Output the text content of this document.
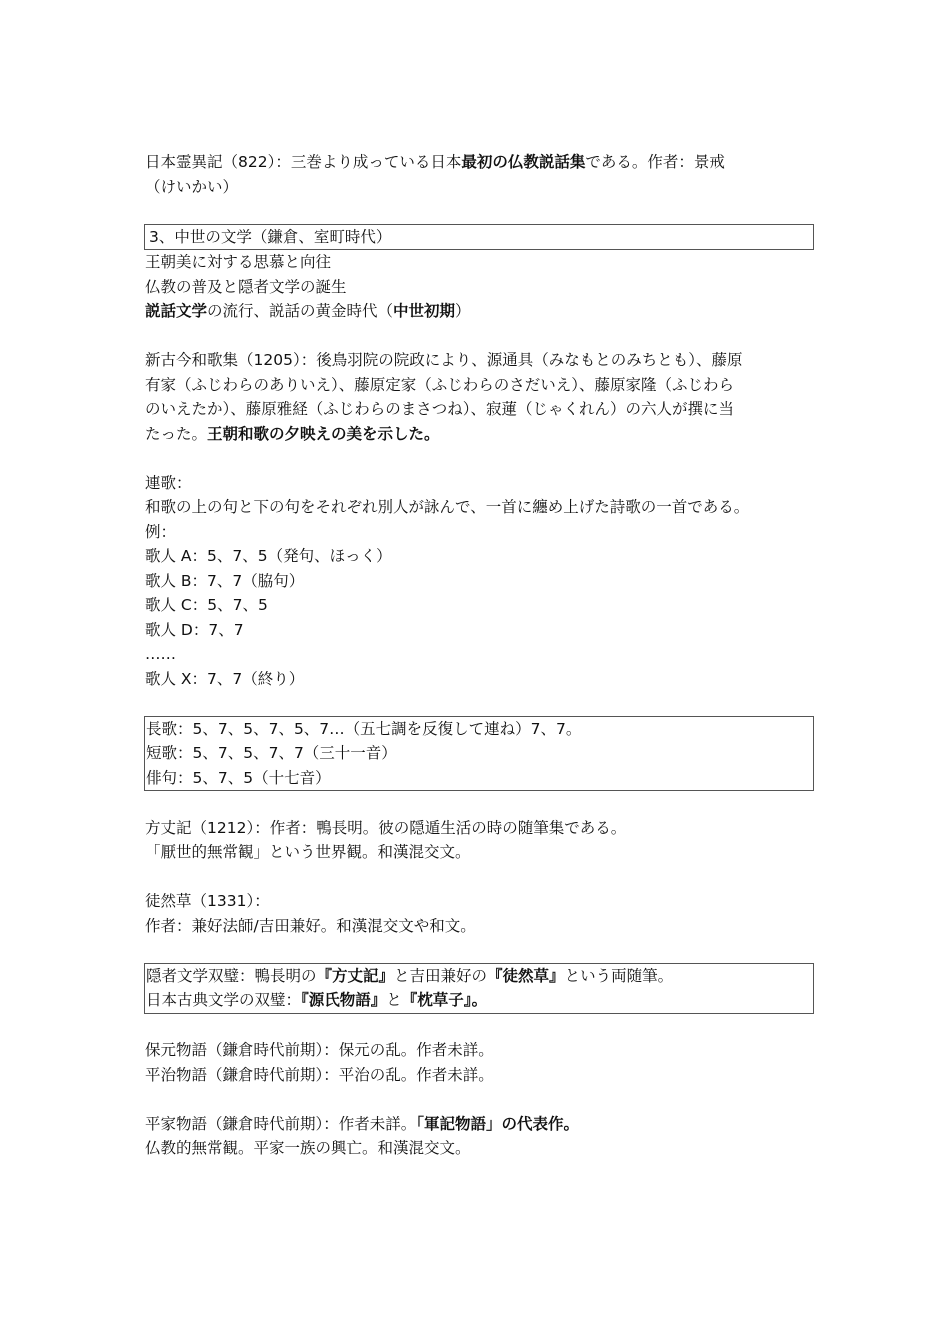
日本霊異記（822）：三巻より成っている日本最初の仏教説話集である。作者：景戒

（けいかい）

3、中世の文学（鎌倉、室町時代）

王朝美に対する思慕と向往

仏教の普及と隠者文学の誕生

説話文学の流行、説話の黄金時代（中世初期）

新古今和歌集（1205）：後鳥羽院の院政により、源通具（みなもとのみちとも）、藤原

有家（ふじわらのありいえ）、藤原定家（ふじわらのさだいえ）、藤原家隆（ふじわら

のいえたか）、藤原雅経（ふじわらのまさつね）、寂蓮（じゃくれん）の六人が撰に当

たった。王朝和歌の夕映えの美を示した。

連歌：

和歌の上の句と下の句をそれぞれ別人が詠んで、一首に纏め上げた詩歌の一首である。

例：

歌人 A：5、7、5（発句、ほっく）

歌人 B：7、7（脇句）

歌人 C：5、7、5

歌人 D：7、7

……

歌人 X：7、7（終り）

長歌：5、7、5、7、5、7…（五七調を反復して連ね）7、7。

短歌：5、7、5、7、7（三十一音）

俳句：5、7、5（十七音）

方丈記（1212）：作者：鴨長明。彼の隠遁生活の時の随筆集である。

「厭世的無常観」という世界観。和漢混交文。

徒然草（1331）：

作者：兼好法師/吉田兼好。和漢混交文や和文。

隠者文学双璧：鴨長明の『方丈記』と吉田兼好の『徒然草』という両随筆。

日本古典文学の双璧：『源氏物語』と『枕草子』。

保元物語（鎌倉時代前期）：保元の乱。作者未詳。

平治物語（鎌倉時代前期）：平治の乱。作者未詳。

平家物語（鎌倉時代前期）：作者未詳。「軍記物語」の代表作。

仏教的無常観。平家一族の興亡。和漢混交文。
